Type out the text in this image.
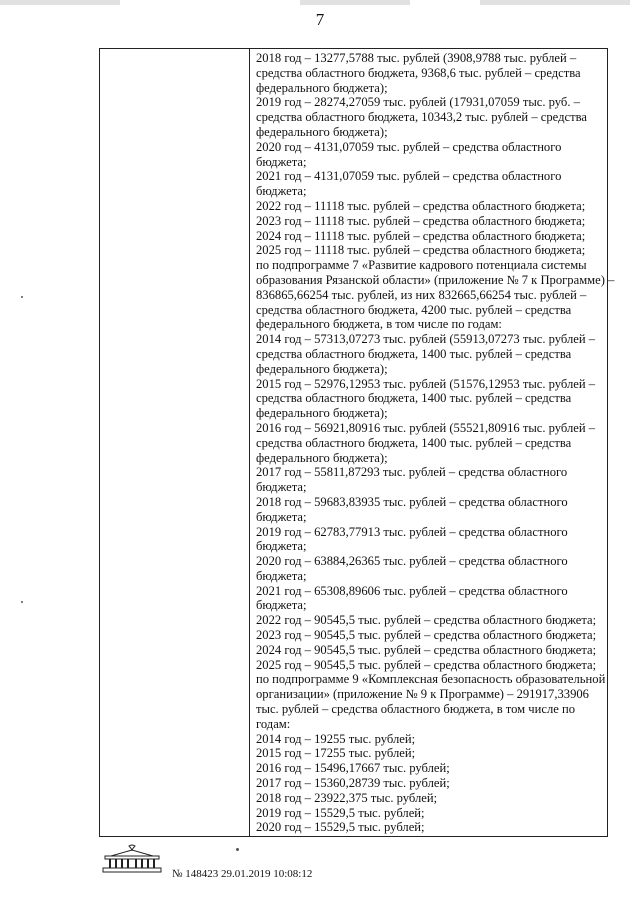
7
2018 год – 13277,5788 тыс. рублей (3908,9788 тыс. рублей –
средства областного бюджета, 9368,6 тыс. рублей – средства
федерального бюджета);
2019 год – 28274,27059 тыс. рублей (17931,07059 тыс. руб. –
средства областного бюджета, 10343,2 тыс. рублей – средства
федерального бюджета);
2020 год – 4131,07059 тыс. рублей – средства областного
бюджета;
2021 год – 4131,07059 тыс. рублей – средства областного
бюджета;
2022 год – 11118 тыс. рублей – средства областного бюджета;
2023 год – 11118 тыс. рублей – средства областного бюджета;
2024 год – 11118 тыс. рублей – средства областного бюджета;
2025 год – 11118 тыс. рублей – средства областного бюджета;
по подпрограмме 7 «Развитие кадрового потенциала системы
образования Рязанской области» (приложение № 7 к Программе) –
836865,66254 тыс. рублей, из них 832665,66254 тыс. рублей –
средства областного бюджета, 4200 тыс. рублей – средства
федерального бюджета, в том числе по годам:
2014 год – 57313,07273 тыс. рублей (55913,07273 тыс. рублей –
средства областного бюджета, 1400 тыс. рублей – средства
федерального бюджета);
2015 год – 52976,12953 тыс. рублей (51576,12953 тыс. рублей –
средства областного бюджета, 1400 тыс. рублей – средства
федерального бюджета);
2016 год – 56921,80916 тыс. рублей (55521,80916 тыс. рублей –
средства областного бюджета, 1400 тыс. рублей – средства
федерального бюджета);
2017 год – 55811,87293 тыс. рублей – средства областного
бюджета;
2018 год – 59683,83935 тыс. рублей – средства областного
бюджета;
2019 год – 62783,77913 тыс. рублей – средства областного
бюджета;
2020 год – 63884,26365 тыс. рублей – средства областного
бюджета;
2021 год – 65308,89606 тыс. рублей – средства областного
бюджета;
2022 год – 90545,5 тыс. рублей – средства областного бюджета;
2023 год – 90545,5 тыс. рублей – средства областного бюджета;
2024 год – 90545,5 тыс. рублей – средства областного бюджета;
2025 год – 90545,5 тыс. рублей – средства областного бюджета;
по подпрограмме 9 «Комплексная безопасность образовательной
организации» (приложение № 9 к Программе) – 291917,33906
тыс. рублей – средства областного бюджета, в том числе по
годам:
2014 год – 19255 тыс. рублей;
2015 год – 17255 тыс. рублей;
2016 год – 15496,17667 тыс. рублей;
2017 год – 15360,28739 тыс. рублей;
2018 год – 23922,375 тыс. рублей;
2019 год – 15529,5 тыс. рублей;
2020 год – 15529,5 тыс. рублей;
№ 148423 29.01.2019 10:08:12
